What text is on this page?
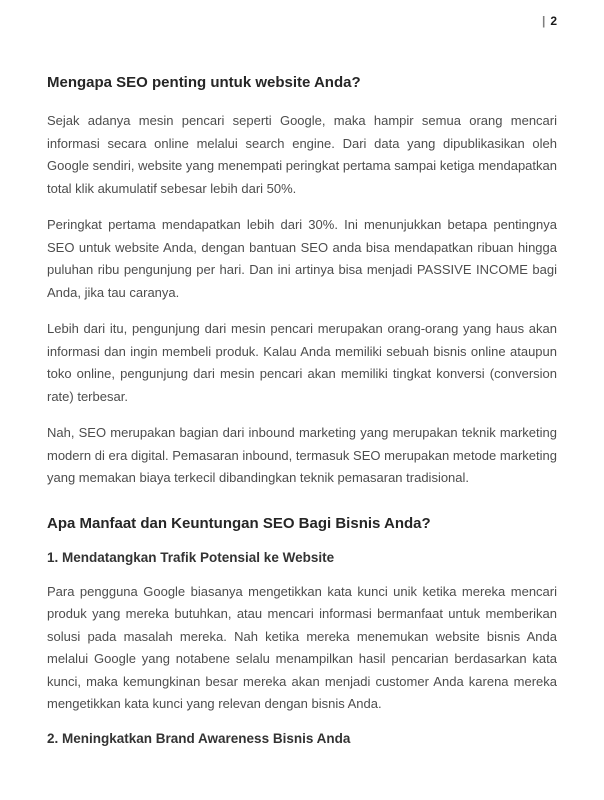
| 2
Mengapa SEO penting untuk website Anda?

Sejak adanya mesin pencari seperti Google, maka hampir semua orang mencari informasi secara online melalui search engine. Dari data yang dipublikasikan oleh Google sendiri, website yang menempati peringkat pertama sampai ketiga mendapatkan total klik akumulatif sebesar lebih dari 50%.

Peringkat pertama mendapatkan lebih dari 30%. Ini menunjukkan betapa pentingnya SEO untuk website Anda, dengan bantuan SEO anda bisa mendapatkan ribuan hingga puluhan ribu pengunjung per hari. Dan ini artinya bisa menjadi PASSIVE INCOME bagi Anda, jika tau caranya.

Lebih dari itu, pengunjung dari mesin pencari merupakan orang-orang yang haus akan informasi dan ingin membeli produk. Kalau Anda memiliki sebuah bisnis online ataupun toko online, pengunjung dari mesin pencari akan memiliki tingkat konversi (conversion rate) terbesar.

Nah, SEO merupakan bagian dari inbound marketing yang merupakan teknik marketing modern di era digital. Pemasaran inbound, termasuk SEO merupakan metode marketing yang memakan biaya terkecil dibandingkan teknik pemasaran tradisional.

Apa Manfaat dan Keuntungan SEO Bagi Bisnis Anda?
1. Mendatangkan Trafik Potensial ke Website

Para pengguna Google biasanya mengetikkan kata kunci unik ketika mereka mencari produk yang mereka butuhkan, atau mencari informasi bermanfaat untuk memberikan solusi pada masalah mereka. Nah ketika mereka menemukan website bisnis Anda melalui Google yang notabene selalu menampilkan hasil pencarian berdasarkan kata kunci, maka kemungkinan besar mereka akan menjadi customer Anda karena mereka mengetikkan kata kunci yang relevan dengan bisnis Anda.

2. Meningkatkan Brand Awareness Bisnis Anda
